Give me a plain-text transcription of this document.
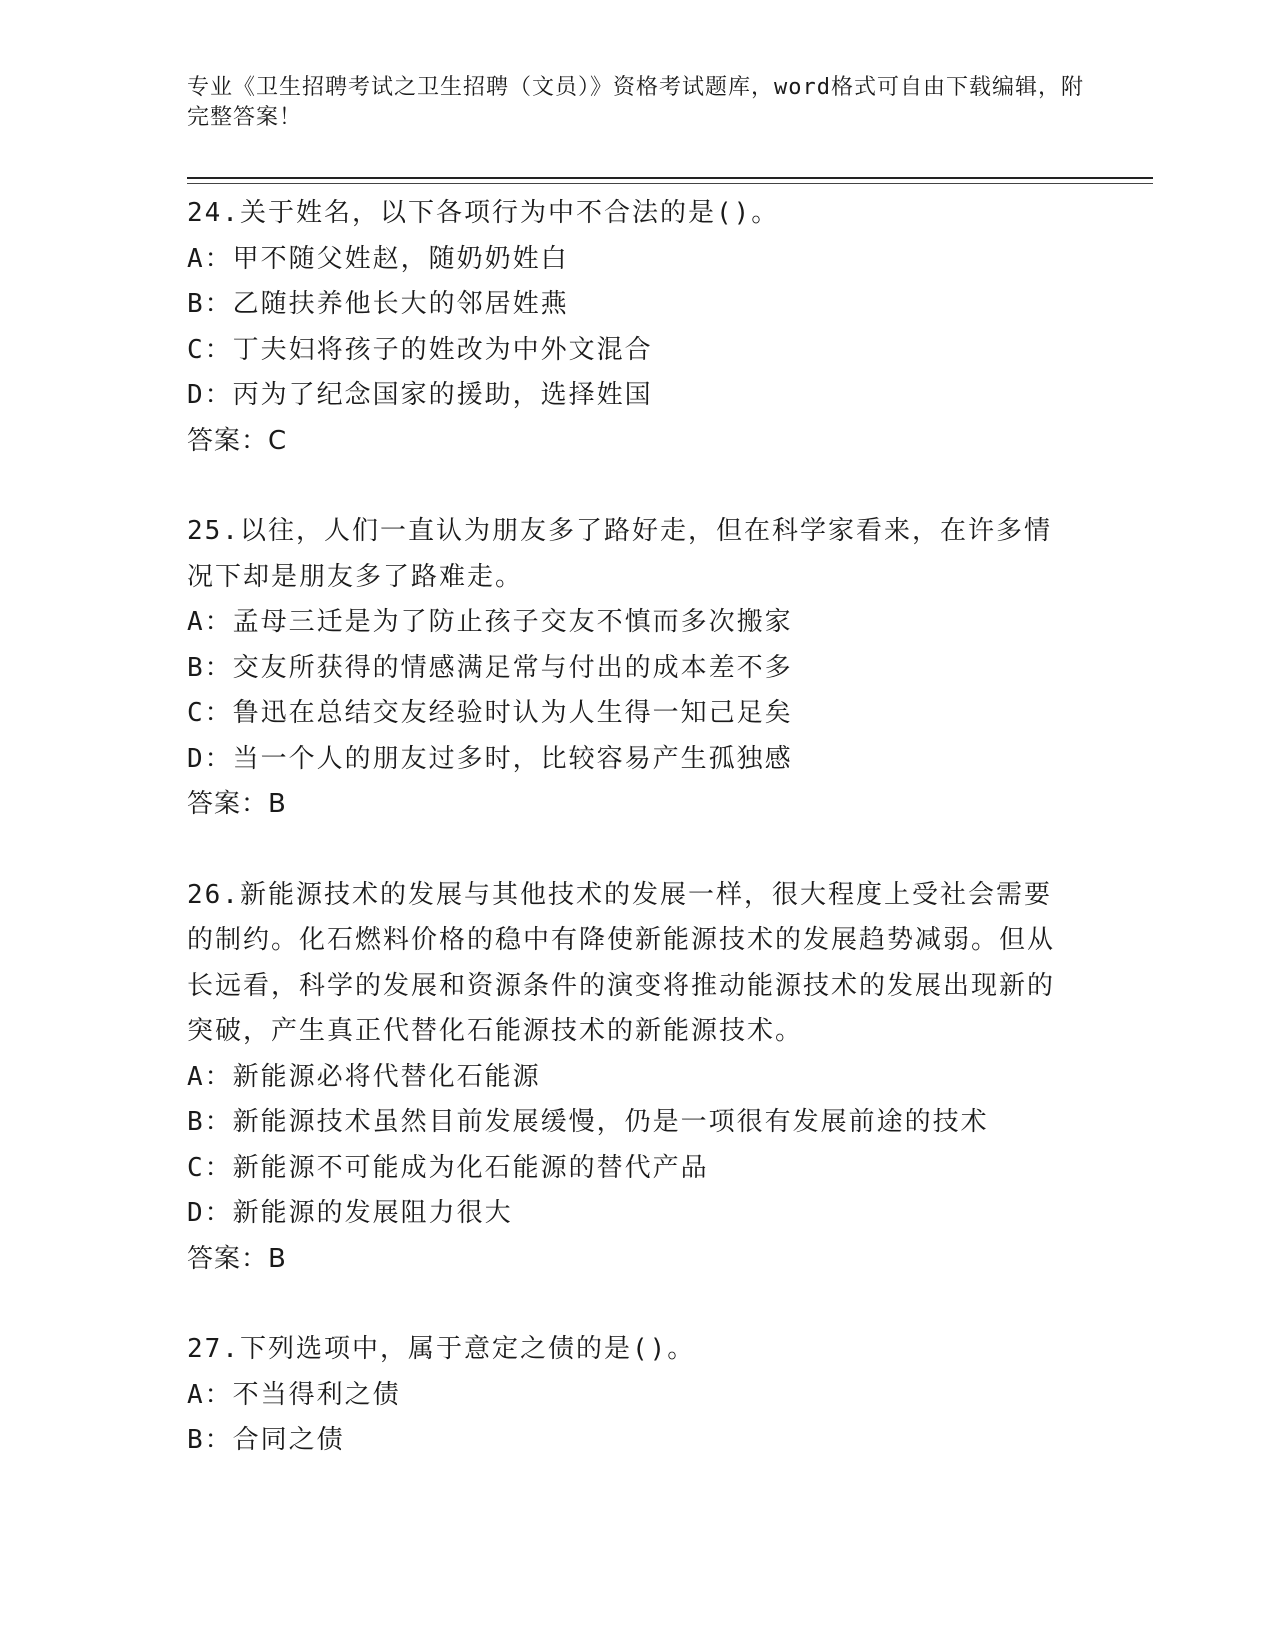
专业《卫生招聘考试之卫生招聘（文员）》资格考试题库，word格式可自由下载编辑，附完整答案！
24.关于姓名，以下各项行为中不合法的是()。
A：甲不随父姓赵，随奶奶姓白
B：乙随扶养他长大的邻居姓燕
C：丁夫妇将孩子的姓改为中外文混合
D：丙为了纪念国家的援助，选择姓国
答案：C
25.以往，人们一直认为朋友多了路好走，但在科学家看来，在许多情况下却是朋友多了路难走。
A：孟母三迁是为了防止孩子交友不慎而多次搬家
B：交友所获得的情感满足常与付出的成本差不多
C：鲁迅在总结交友经验时认为人生得一知己足矣
D：当一个人的朋友过多时，比较容易产生孤独感
答案：B
26.新能源技术的发展与其他技术的发展一样，很大程度上受社会需要的制约。化石燃料价格的稳中有降使新能源技术的发展趋势减弱。但从长远看，科学的发展和资源条件的演变将推动能源技术的发展出现新的突破，产生真正代替化石能源技术的新能源技术。
A：新能源必将代替化石能源
B：新能源技术虽然目前发展缓慢，仍是一项很有发展前途的技术
C：新能源不可能成为化石能源的替代产品
D：新能源的发展阻力很大
答案：B
27.下列选项中，属于意定之债的是()。
A：不当得利之债
B：合同之债
